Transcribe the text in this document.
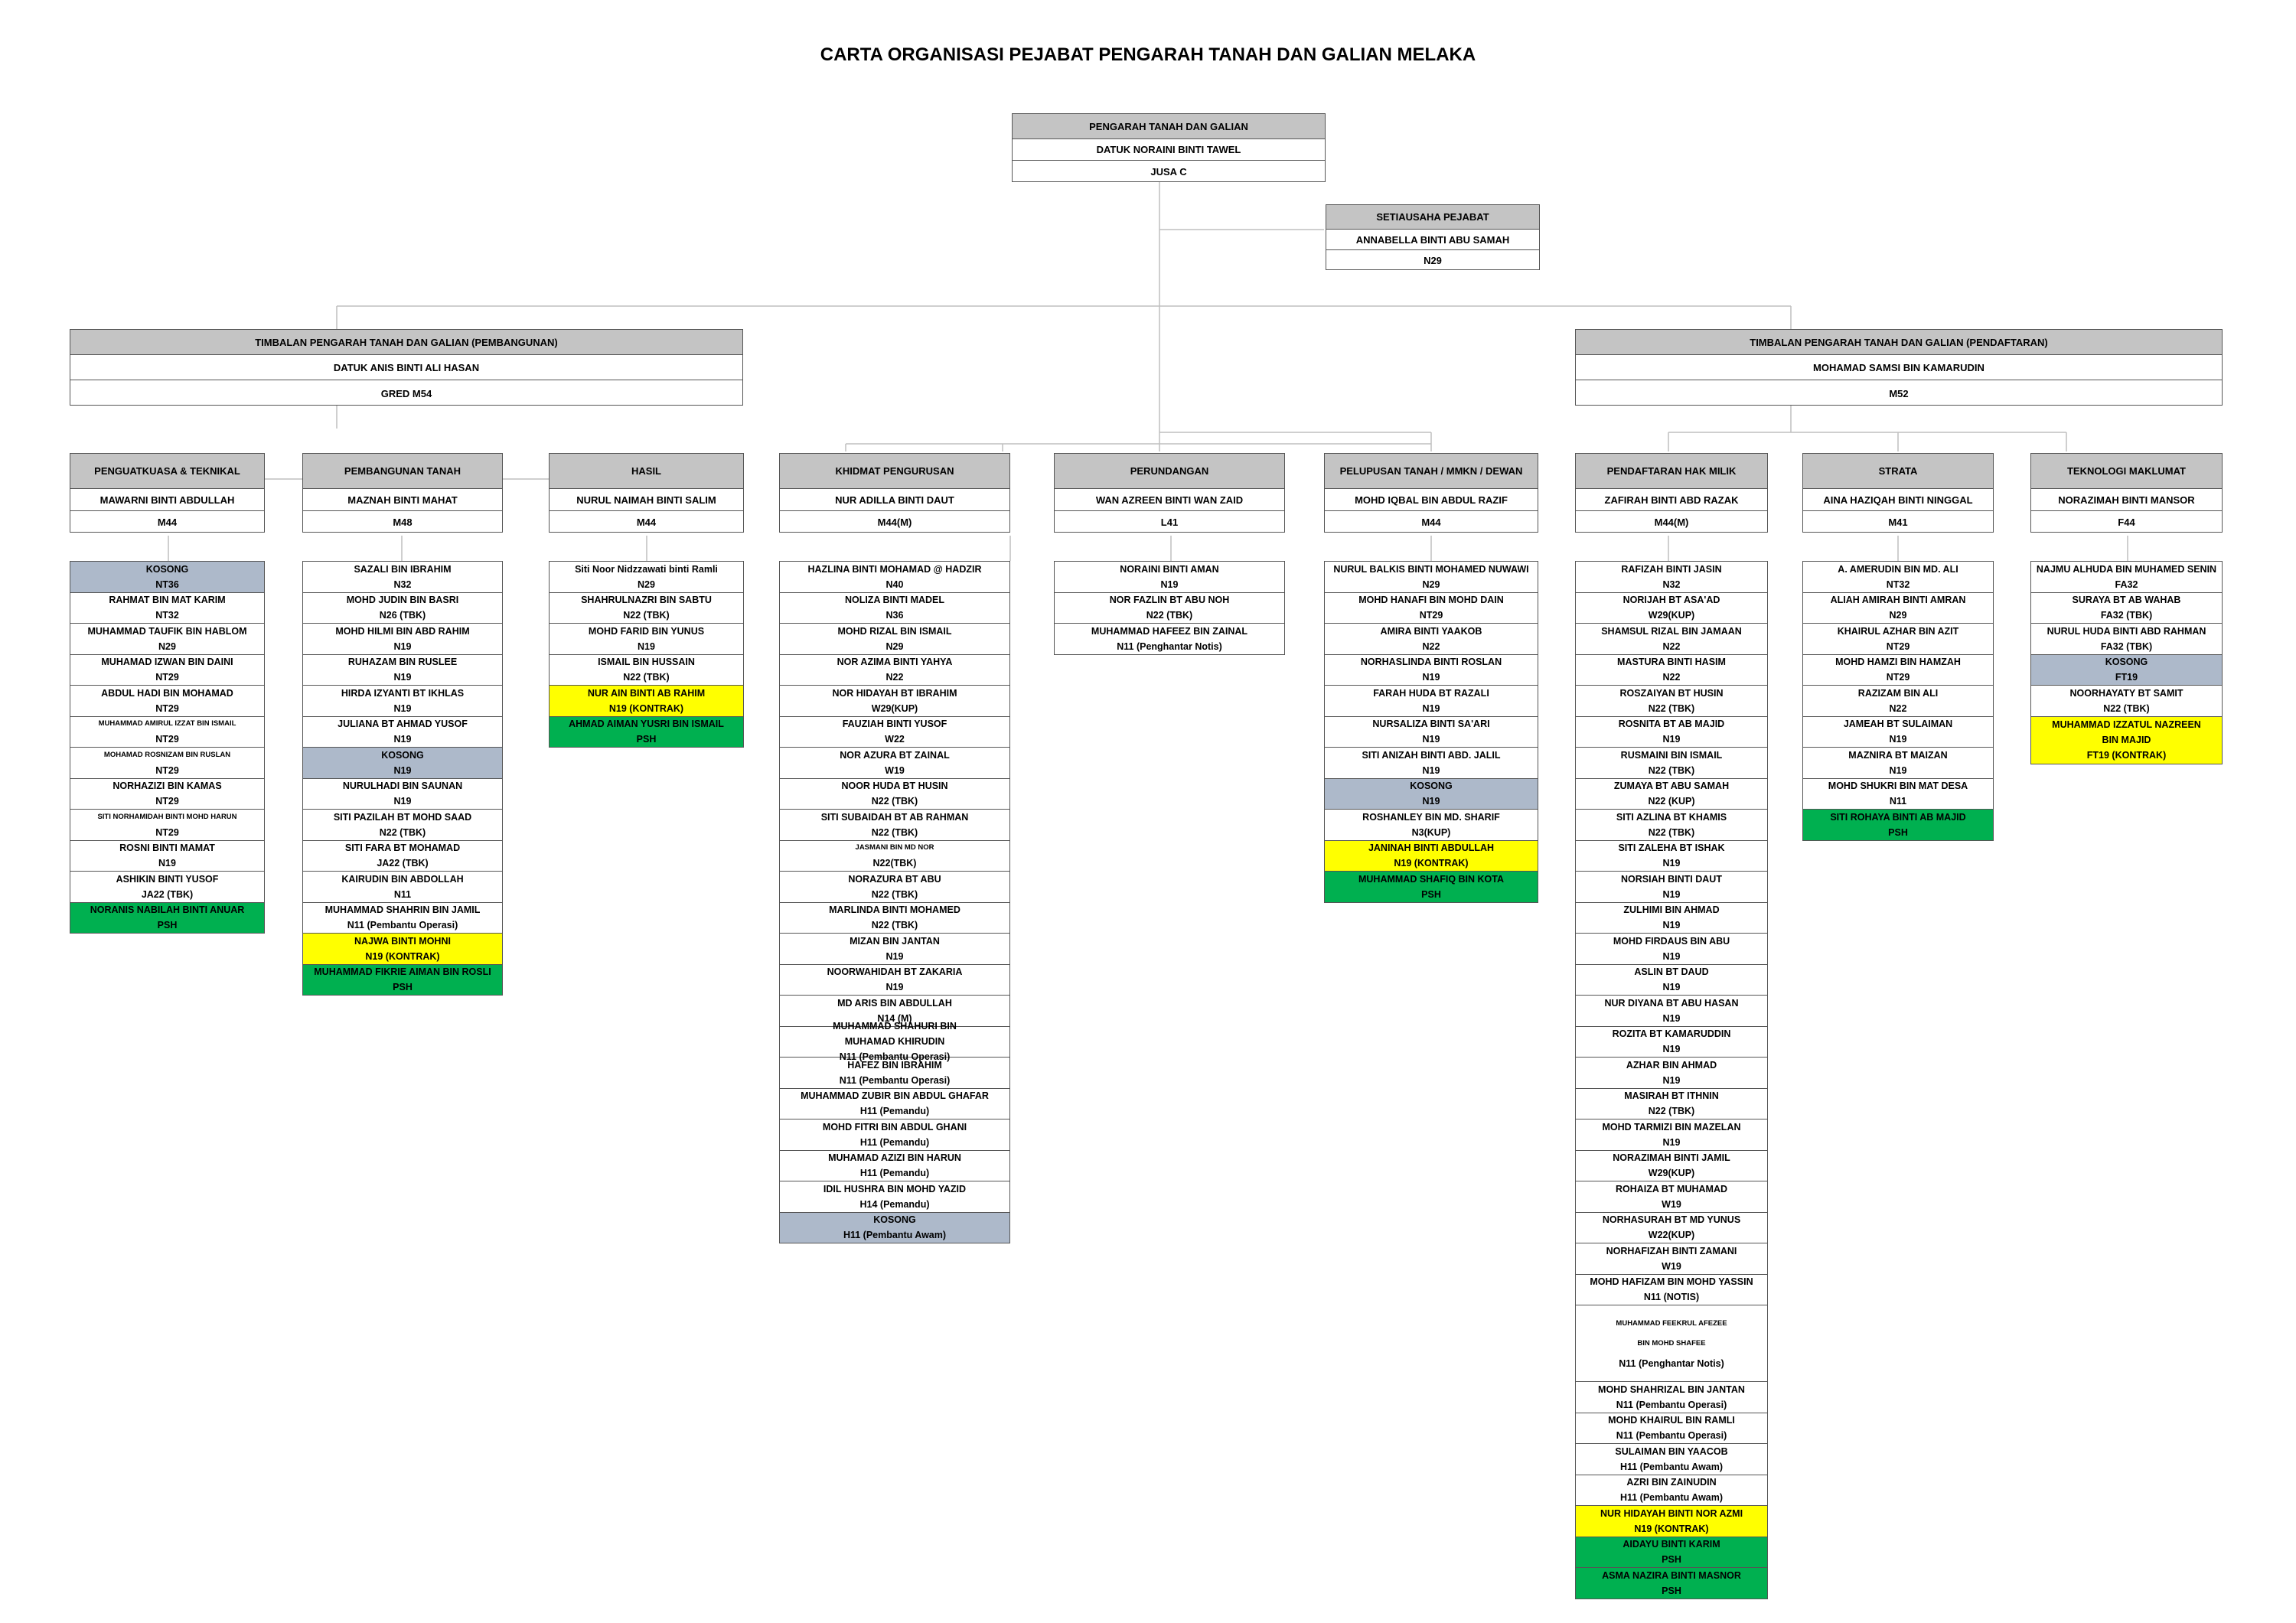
CARTA ORGANISASI PEJABAT PENGARAH TANAH DAN GALIAN MELAKA
PENGARAH TANAH DAN GALIAN
DATUK NORAINI BINTI TAWEL
JUSA C
SETIAUSAHA PEJABAT
ANNABELLA BINTI ABU SAMAH
N29
TIMBALAN PENGARAH TANAH DAN GALIAN (PEMBANGUNAN)
DATUK ANIS BINTI ALI HASAN
GRED M54
TIMBALAN PENGARAH TANAH DAN GALIAN (PENDAFTARAN)
MOHAMAD SAMSI BIN KAMARUDIN
M52
PENGUATKUASA & TEKNIKAL
MAWARNI BINTI ABDULLAH
M44
KOSONG
NT36
RAHMAT BIN MAT KARIM
NT32
MUHAMMAD TAUFIK BIN HABLOM
N29
MUHAMAD IZWAN BIN DAINI
NT29
ABDUL HADI BIN MOHAMAD
NT29
MUHAMMAD AMIRUL IZZAT BIN ISMAIL
NT29
MOHAMAD ROSNIZAM BIN RUSLAN
NT29
NORHAZIZI BIN KAMAS
NT29
SITI NORHAMIDAH BINTI MOHD HARUN
NT29
ROSNI BINTI MAMAT
N19
ASHIKIN BINTI YUSOF
JA22 (TBK)
NORANIS NABILAH BINTI ANUAR
PSH
PEMBANGUNAN TANAH
MAZNAH BINTI MAHAT
M48
SAZALI BIN IBRAHIM
N32
MOHD JUDIN BIN BASRI
N26 (TBK)
MOHD HILMI BIN ABD RAHIM
N19
RUHAZAM BIN RUSLEE
N19
HIRDA IZYANTI BT IKHLAS
N19
JULIANA BT AHMAD YUSOF
N19
KOSONG
N19
NURULHADI BIN SAUNAN
N19
SITI PAZILAH BT MOHD SAAD
N22 (TBK)
SITI FARA BT MOHAMAD
JA22 (TBK)
KAIRUDIN BIN ABDOLLAH
N11
MUHAMMAD SHAHRIN BIN JAMIL
N11 (Pembantu Operasi)
NAJWA BINTI MOHNI
N19 (KONTRAK)
MUHAMMAD FIKRIE AIMAN BIN ROSLI
PSH
HASIL
NURUL NAIMAH BINTI SALIM
M44
Siti Noor Nidzzawati binti Ramli
N29
SHAHRULNAZRI BIN SABTU
N22 (TBK)
MOHD FARID BIN YUNUS
N19
ISMAIL BIN HUSSAIN
N22 (TBK)
NUR AIN BINTI AB RAHIM
N19 (KONTRAK)
AHMAD AIMAN YUSRI BIN ISMAIL
PSH
KHIDMAT PENGURUSAN
NUR ADILLA BINTI DAUT
M44(M)
HAZLINA BINTI MOHAMAD @ HADZIR
N40
NOLIZA BINTI MADEL
N36
MOHD RIZAL BIN ISMAIL
N29
NOR AZIMA BINTI YAHYA
N22
NOR HIDAYAH BT IBRAHIM
W29(KUP)
FAUZIAH BINTI YUSOF
W22
NOR AZURA BT ZAINAL
W19
NOOR HUDA BT HUSIN
N22 (TBK)
SITI SUBAIDAH BT AB RAHMAN
N22 (TBK)
JASMANI BIN MD NOR
N22(TBK)
NORAZURA BT ABU
N22 (TBK)
MARLINDA BINTI MOHAMED
N22 (TBK)
MIZAN BIN JANTAN
N19
NOORWAHIDAH BT ZAKARIA
N19
MD ARIS BIN ABDULLAH
N14 (M)
MUHAMMAD SHAHURI BIN
MUHAMAD KHIRUDIN
N11 (Pembantu Operasi)
HAFEZ BIN IBRAHIM
N11 (Pembantu Operasi)
MUHAMMAD ZUBIR BIN ABDUL GHAFAR
H11 (Pemandu)
MOHD FITRI BIN ABDUL GHANI
H11 (Pemandu)
MUHAMAD AZIZI BIN HARUN
H11 (Pemandu)
IDIL HUSHRA BIN MOHD YAZID
H14 (Pemandu)
KOSONG
H11 (Pembantu Awam)
PERUNDANGAN
WAN AZREEN BINTI WAN ZAID
L41
NORAINI BINTI AMAN
N19
NOR FAZLIN BT ABU NOH
N22 (TBK)
MUHAMMAD HAFEEZ BIN ZAINAL
N11 (Penghantar Notis)
PELUPUSAN TANAH / MMKN / DEWAN
MOHD IQBAL BIN ABDUL RAZIF
M44
NURUL BALKIS BINTI MOHAMED NUWAWI
N29
MOHD HANAFI BIN MOHD DAIN
NT29
AMIRA BINTI YAAKOB
N22
NORHASLINDA BINTI ROSLAN
N19
FARAH HUDA BT RAZALI
N19
NURSALIZA BINTI SA'ARI
N19
SITI ANIZAH BINTI ABD. JALIL
N19
KOSONG
N19
ROSHANLEY BIN MD. SHARIF
N3(KUP)
JANINAH BINTI ABDULLAH
N19 (KONTRAK)
MUHAMMAD SHAFIQ BIN KOTA
PSH
PENDAFTARAN HAK MILIK
ZAFIRAH BINTI ABD RAZAK
M44(M)
RAFIZAH BINTI JASIN
N32
NORIJAH BT ASA'AD
W29(KUP)
SHAMSUL RIZAL BIN JAMAAN
N22
MASTURA BINTI HASIM
N22
ROSZAIYAN BT HUSIN
N22 (TBK)
ROSNITA BT AB MAJID
N19
RUSMAINI BIN ISMAIL
N22 (TBK)
ZUMAYA BT ABU SAMAH
N22 (KUP)
SITI AZLINA BT KHAMIS
N22 (TBK)
SITI ZALEHA BT ISHAK
N19
NORSIAH BINTI DAUT
N19
ZULHIMI BIN AHMAD
N19
MOHD FIRDAUS BIN ABU
N19
ASLIN BT DAUD
N19
NUR DIYANA BT ABU HASAN
N19
ROZITA BT KAMARUDDIN
N19
AZHAR BIN AHMAD
N19
MASIRAH BT ITHNIN
N22 (TBK)
MOHD TARMIZI BIN MAZELAN
N19
NORAZIMAH BINTI JAMIL
W29(KUP)
ROHAIZA BT MUHAMAD
W19
NORHASURAH BT MD YUNUS
W22(KUP)
NORHAFIZAH BINTI ZAMANI
W19
MOHD HAFIZAM BIN MOHD YASSIN
N11 (NOTIS)
MUHAMMAD FEEKRUL AFEZEE
BIN MOHD SHAFEE
N11 (Penghantar Notis)
MOHD SHAHRIZAL BIN JANTAN
N11 (Pembantu Operasi)
MOHD KHAIRUL BIN RAMLI
N11 (Pembantu Operasi)
SULAIMAN BIN YAACOB
H11 (Pembantu Awam)
AZRI BIN ZAINUDIN
H11 (Pembantu Awam)
NUR HIDAYAH BINTI NOR AZMI
N19 (KONTRAK)
AIDAYU BINTI KARIM
PSH
ASMA NAZIRA BINTI MASNOR
PSH
STRATA
AINA HAZIQAH BINTI NINGGAL
M41
A. AMERUDIN BIN MD. ALI
NT32
ALIAH AMIRAH BINTI AMRAN
N29
KHAIRUL AZHAR BIN AZIT
NT29
MOHD HAMZI BIN HAMZAH
NT29
RAZIZAM BIN ALI
N22
JAMEAH BT SULAIMAN
N19
MAZNIRA BT MAIZAN
N19
MOHD SHUKRI BIN MAT DESA
N11
SITI ROHAYA BINTI AB MAJID
PSH
TEKNOLOGI MAKLUMAT
NORAZIMAH BINTI MANSOR
F44
NAJMU ALHUDA BIN MUHAMED SENIN
FA32
SURAYA BT AB WAHAB
FA32 (TBK)
NURUL HUDA BINTI ABD RAHMAN
FA32 (TBK)
KOSONG
FT19
NOORHAYATY BT SAMIT
N22 (TBK)
MUHAMMAD IZZATUL NAZREEN
BIN MAJID
FT19 (KONTRAK)
